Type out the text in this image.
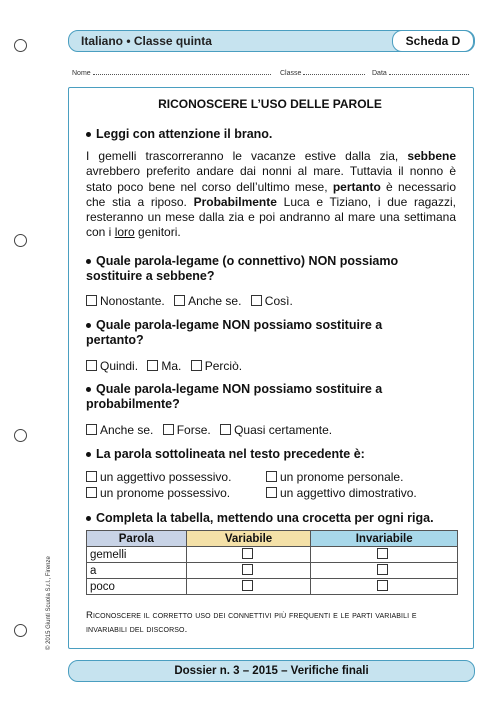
Italiano • Classe quinta	Scheda D
Nome	Classe	Data
RICONOSCERE L’USO DELLE PAROLE
Leggi con attenzione il brano.
I gemelli trascorreranno le vacanze estive dalla zia, sebbene avrebbero preferito andare dai nonni al mare. Tuttavia il nonno è stato poco bene nel corso dell’ultimo mese, pertanto è necessario che stia a riposo. Probabilmente Luca e Tiziano, i due ragazzi, resteranno un mese dalla zia e poi andranno al mare una settimana con i loro genitori.
Quale parola-legame (o connettivo) NON possiamo sostituire a sebbene?
Nonostante. Anche se. Così.
Quale parola-legame NON possiamo sostituire a pertanto?
Quindi. Ma. Perciò.
Quale parola-legame NON possiamo sostituire a probabilmente?
Anche se. Forse. Quasi certamente.
La parola sottolineata nel testo precedente è:
un aggettivo possessivo.	un pronome personale.
un pronome possessivo.	un aggettivo dimostrativo.
Completa la tabella, mettendo una crocetta per ogni riga.
Parola	Variabile	Invariabile
gemelli		
a		
poco		
Riconoscere il corretto uso dei connettivi più frequenti e le parti variabili e invariabili del discorso.
Dossier n. 3 – 2015 – Verifiche finali
© 2015 Giunti Scuola S.r.l., Firenze
